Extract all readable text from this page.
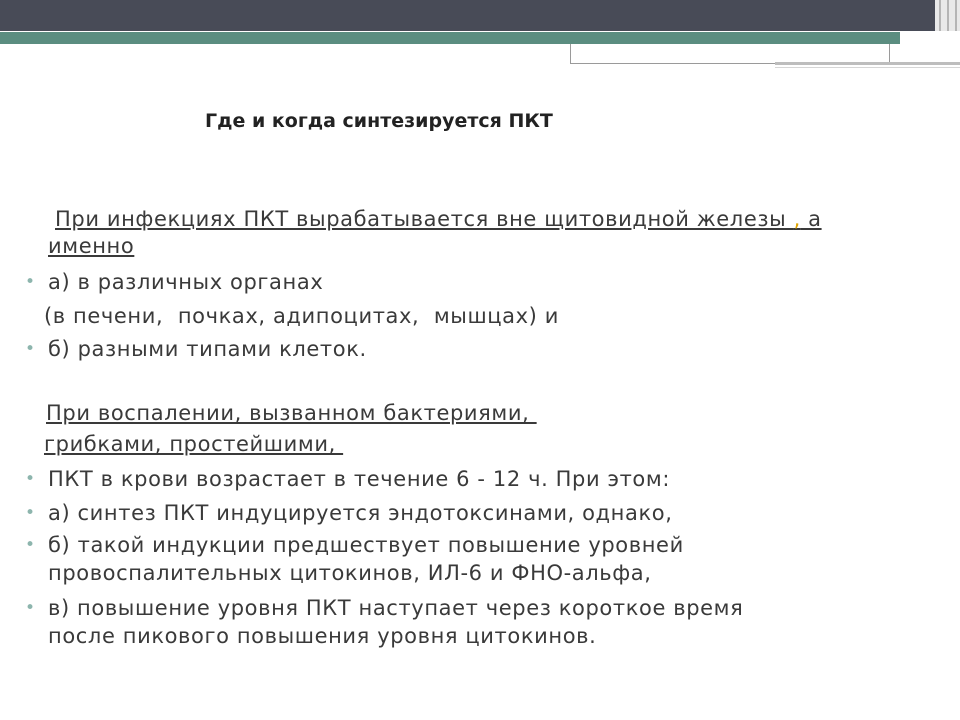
Где и когда синтезируется ПКТ
При инфекциях ПКТ вырабатывается вне щитовидной железы , а
именно
• а) в различных органах
(в печени,  почках, адипоцитах,  мышцах) и
• б) разными типами клеток.
При воспалении, вызванном бактериями,
грибками, простейшими,
• ПКТ в крови возрастает в течение 6 - 12 ч. При этом:
• а) синтез ПКТ индуцируется эндотоксинами, однако,
• б) такой индукции предшествует повышение уровней
провоспалительных цитокинов, ИЛ-6 и ФНО-альфа,
• в) повышение уровня ПКТ наступает через короткое время
после пикового повышения уровня цитокинов.
